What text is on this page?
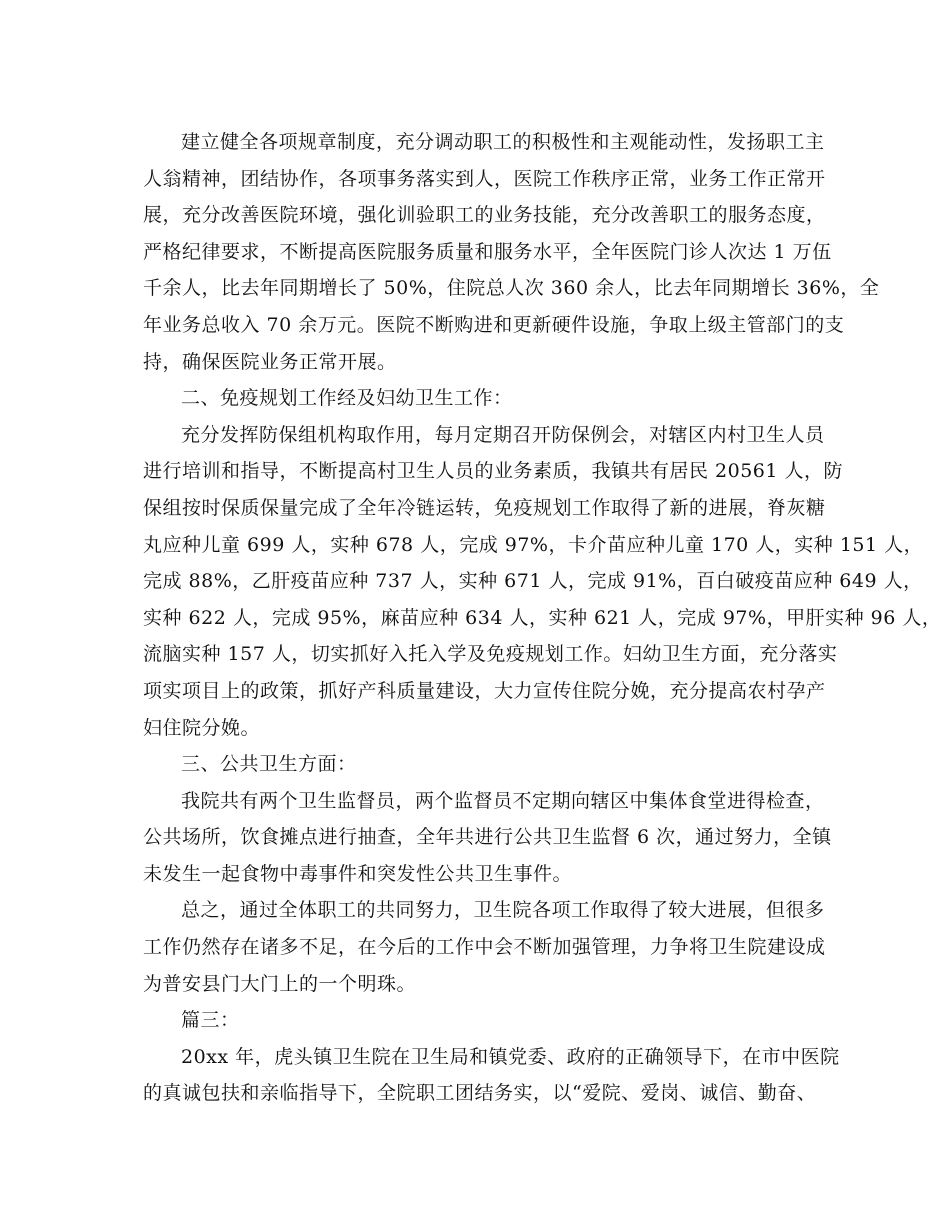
建立健全各项规章制度，充分调动职工的积极性和主观能动性，发扬职工主
人翁精神，团结协作，各项事务落实到人，医院工作秩序正常，业务工作正常开
展，充分改善医院环境，强化训验职工的业务技能，充分改善职工的服务态度，
严格纪律要求，不断提高医院服务质量和服务水平，全年医院门诊人次达 1 万伍
千余人，比去年同期增长了 50%，住院总人次 360 余人，比去年同期增长 36%，全
年业务总收入 70 余万元。医院不断购进和更新硬件设施，争取上级主管部门的支
持，确保医院业务正常开展。
二、免疫规划工作经及妇幼卫生工作：
充分发挥防保组机构取作用，每月定期召开防保例会，对辖区内村卫生人员
进行培训和指导，不断提高村卫生人员的业务素质，我镇共有居民 20561 人，防
保组按时保质保量完成了全年冷链运转，免疫规划工作取得了新的进展，脊灰糖
丸应种儿童 699 人，实种 678 人，完成 97%，卡介苗应种儿童 170 人，实种 151 人，
完成 88%，乙肝疫苗应种 737 人，实种 671 人，完成 91%，百白破疫苗应种 649 人，
实种 622 人，完成 95%，麻苗应种 634 人，实种 621 人，完成 97%，甲肝实种 96 人，
流脑实种 157 人，切实抓好入托入学及免疫规划工作。妇幼卫生方面，充分落实
项实项目上的政策，抓好产科质量建设，大力宣传住院分娩，充分提高农村孕产
妇住院分娩。
三、公共卫生方面：
我院共有两个卫生监督员，两个监督员不定期向辖区中集体食堂进得检查，
公共场所，饮食摊点进行抽查，全年共进行公共卫生监督 6 次，通过努力，全镇
未发生一起食物中毒事件和突发性公共卫生事件。
总之，通过全体职工的共同努力，卫生院各项工作取得了较大进展，但很多
工作仍然存在诸多不足，在今后的工作中会不断加强管理，力争将卫生院建设成
为普安县门大门上的一个明珠。
篇三：
20xx 年，虎头镇卫生院在卫生局和镇党委、政府的正确领导下，在市中医院
的真诚包扶和亲临指导下，全院职工团结务实，以“爱院、爱岗、诚信、勤奋、
